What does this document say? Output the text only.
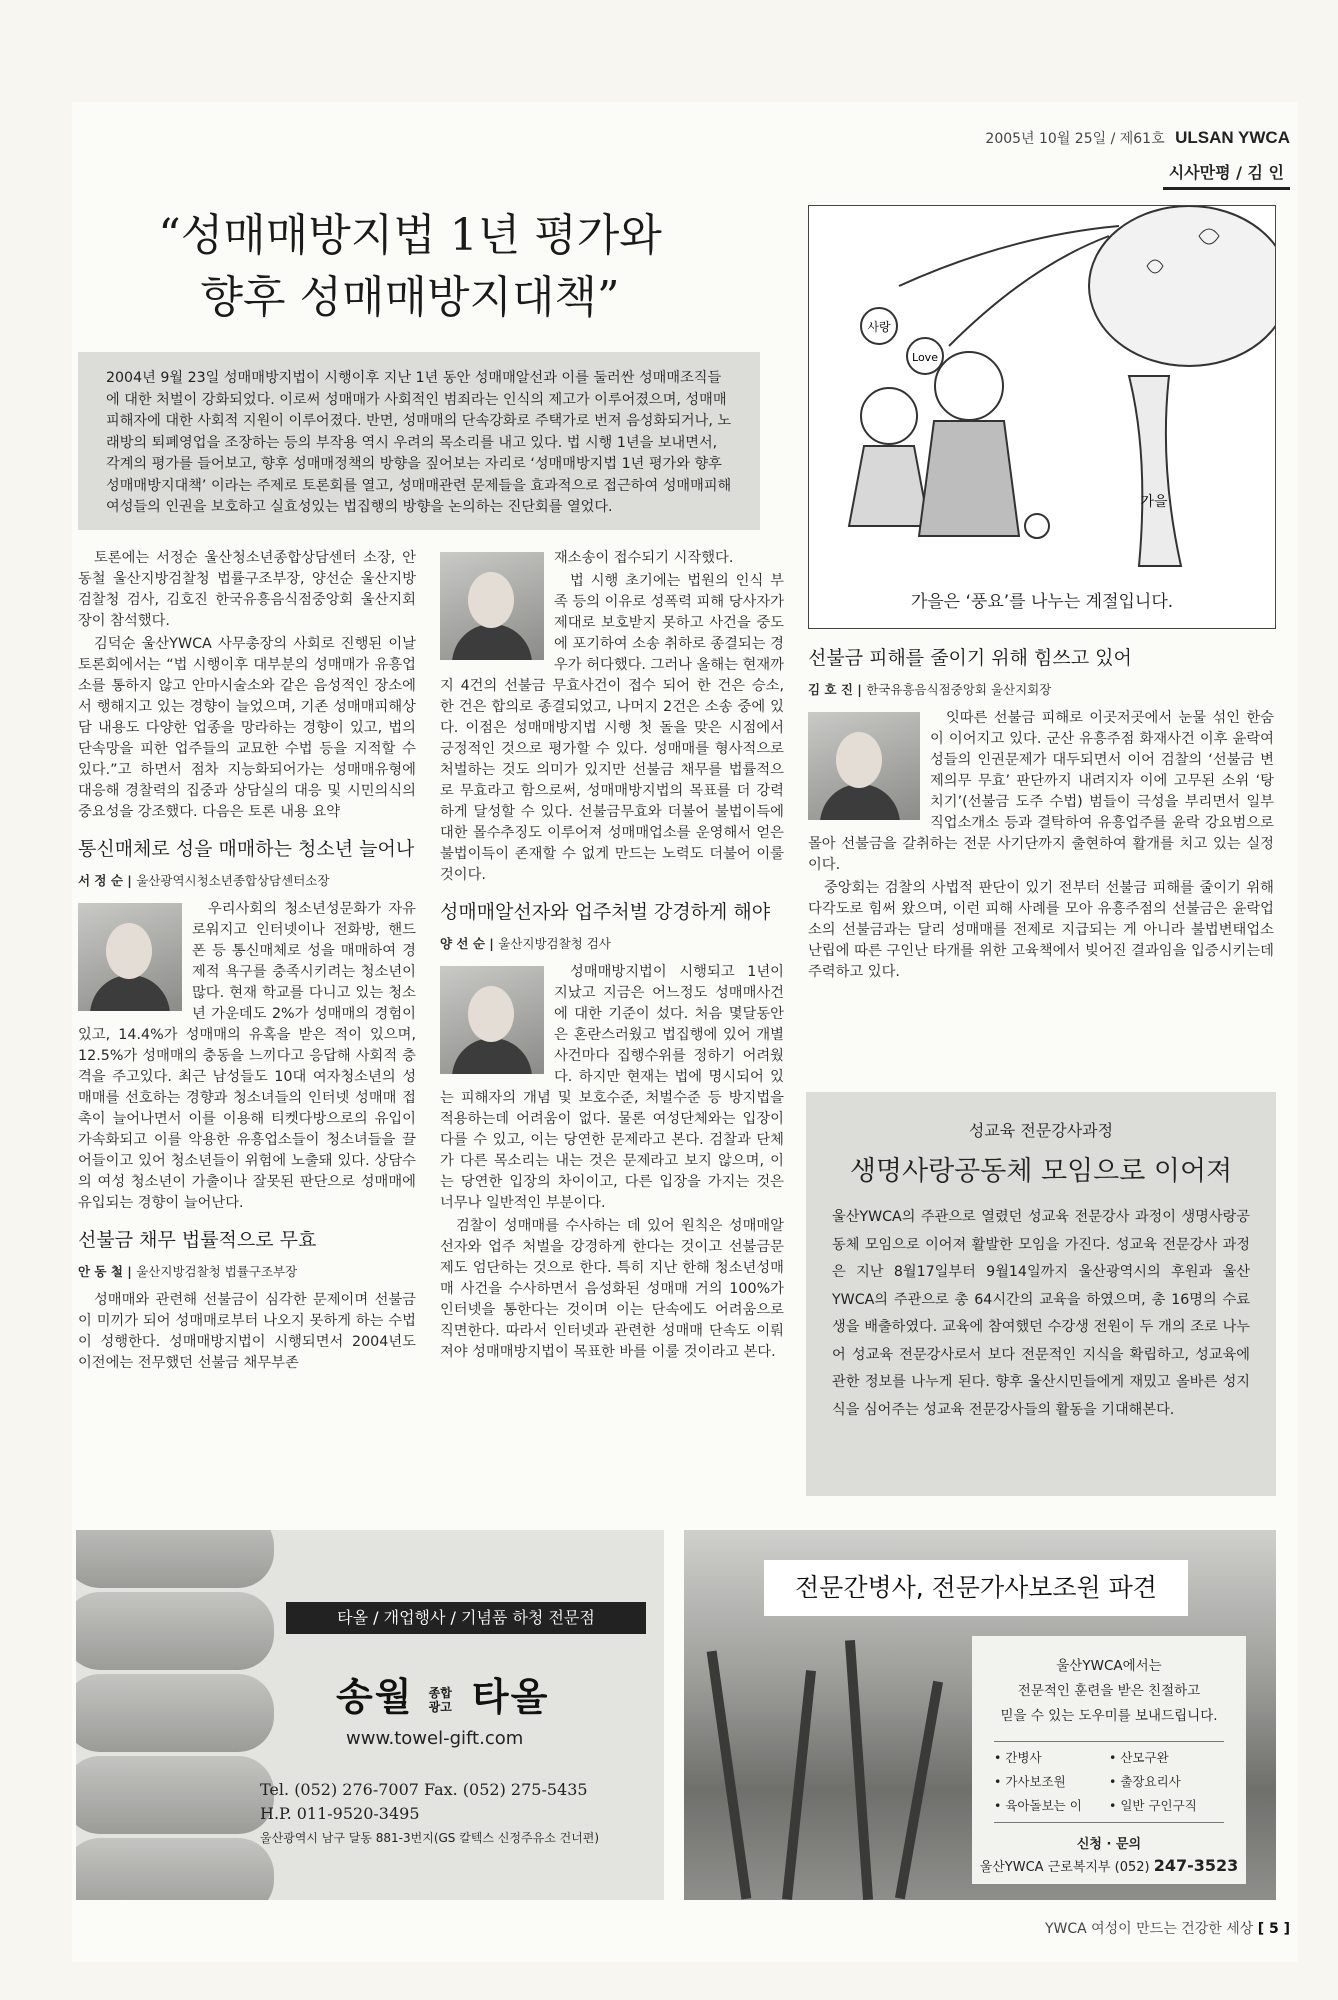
2005년 10월 25일 / 제61호 ULSAN YWCA
시사만평 / 김 인
“성매매방지법 1년 평가와
향후 성매매방지대책”
2004년 9월 23일 성매매방지법이 시행이후 지난 1년 동안 성매매알선과 이를 둘러싼 성매매조직들에 대한 처벌이 강화되었다. 이로써 성매매가 사회적인 범죄라는 인식의 제고가 이루어졌으며, 성매매피해자에 대한 사회적 지원이 이루어졌다. 반면, 성매매의 단속강화로 주택가로 번져 음성화되거나, 노래방의 퇴폐영업을 조장하는 등의 부작용 역시 우려의 목소리를 내고 있다. 법 시행 1년을 보내면서, 각계의 평가를 들어보고, 향후 성매매정책의 방향을 짚어보는 자리로 ‘성매매방지법 1년 평가와 향후 성매매방지대책’ 이라는 주제로 토론회를 열고, 성매매관련 문제들을 효과적으로 접근하여 성매매피해여성들의 인권을 보호하고 실효성있는 법집행의 방향을 논의하는 진단회를 열었다.

토론에는 서정순 울산청소년종합상담센터 소장, 안동철 울산지방검찰청 법률구조부장, 양선순 울산지방검찰청 검사, 김호진 한국유흥음식점중앙회 울산지회장이 참석했다.

김덕순 울산YWCA 사무총장의 사회로 진행된 이날 토론회에서는 “법 시행이후 대부분의 성매매가 유흥업소를 통하지 않고 안마시술소와 같은 음성적인 장소에서 행해지고 있는 경향이 늘었으며, 기존 성매매피해상담 내용도 다양한 업종을 망라하는 경향이 있고, 법의 단속망을 피한 업주들의 교묘한 수법 등을 지적할 수 있다.”고 하면서 점차 지능화되어가는 성매매유형에 대응해 경찰력의 집중과 상담실의 대응 및 시민의식의 중요성을 강조했다. 다음은 토론 내용 요약

통신매체로 성을 매매하는 청소년 늘어나
서 정 순 | 울산광역시청소년종합상담센터소장

우리사회의 청소년성문화가 자유로워지고 인터넷이나 전화방, 핸드폰 등 통신매체로 성을 매매하여 경제적 욕구를 충족시키려는 청소년이 많다. 현재 학교를 다니고 있는 청소년 가운데도 2%가 성매매의 경험이 있고, 14.4%가 성매매의 유혹을 받은 적이 있으며, 12.5%가 성매매의 충동을 느끼다고 응답해 사회적 충격을 주고있다. 최근 남성들도 10대 여자청소년의 성매매를 선호하는 경향과 청소녀들의 인터넷 성매매 접촉이 늘어나면서 이를 이용해 티켓다방으로의 유입이 가속화되고 이를 악용한 유흥업소들이 청소녀들을 끌어들이고 있어 청소년들이 위험에 노출돼 있다. 상담수의 여성 청소년이 가출이나 잘못된 판단으로 성매매에 유입되는 경향이 늘어난다.

선불금 채무 법률적으로 무효
안 동 철 | 울산지방검찰청 법률구조부장

성매매와 관련해 선불금이 심각한 문제이며 선불금이 미끼가 되어 성매매로부터 나오지 못하게 하는 수법이 성행한다. 성매매방지법이 시행되면서 2004년도 이전에는 전무했던 선불금 채무부존

재소송이 접수되기 시작했다.

법 시행 초기에는 법원의 인식 부족 등의 이유로 성폭력 피해 당사자가 제대로 보호받지 못하고 사건을 중도에 포기하여 소송 취하로 종결되는 경우가 허다했다. 그러나 올해는 현재까지 4건의 선불금 무효사건이 접수 되어 한 건은 승소, 한 건은 합의로 종결되었고, 나머지 2건은 소송 중에 있다. 이점은 성매매방지법 시행 첫 돌을 맞은 시점에서 긍정적인 것으로 평가할 수 있다. 성매매를 형사적으로 처벌하는 것도 의미가 있지만 선불금 채무를 법률적으로 무효라고 함으로써, 성매매방지법의 목표를 더 강력하게 달성할 수 있다. 선불금무효와 더불어 불법이득에 대한 몰수추징도 이루어져 성매매업소를 운영해서 얻은 불법이득이 존재할 수 없게 만드는 노력도 더불어 이룰 것이다.

성매매알선자와 업주처벌 강경하게 해야
양 선 순 | 울산지방검찰청 검사

성매매방지법이 시행되고 1년이 지났고 지금은 어느정도 성매매사건에 대한 기준이 섰다. 처음 몇달동안은 혼란스러웠고 법집행에 있어 개별사건마다 집행수위를 정하기 어려웠다. 하지만 현재는 법에 명시되어 있는 피해자의 개념 및 보호수준, 처벌수준 등 방지법을 적용하는데 어려움이 없다. 물론 여성단체와는 입장이 다를 수 있고, 이는 당연한 문제라고 본다. 검찰과 단체가 다른 목소리는 내는 것은 문제라고 보지 않으며, 이는 당연한 입장의 차이이고, 다른 입장을 가지는 것은 너무나 일반적인 부분이다.

검찰이 성매매를 수사하는 데 있어 원칙은 성매매알선자와 업주 처벌을 강경하게 한다는 것이고 선불금문제도 엄단하는 것으로 한다. 특히 지난 한해 청소년성매매 사건을 수사하면서 음성화된 성매매 거의 100%가 인터넷을 통한다는 것이며 이는 단속에도 어려움으로 직면한다. 따라서 인터넷과 관련한 성매매 단속도 이뤄져야 성매매방지법이 목표한 바를 이룰 것이라고 본다.

사랑
Love
가을
가을은 ‘풍요’를 나누는 계절입니다.
선불금 피해를 줄이기 위해 힘쓰고 있어
김 호 진 | 한국유흥음식점중앙회 울산지회장

잇따른 선불금 피해로 이곳저곳에서 눈물 섞인 한숨이 이어지고 있다. 군산 유흥주점 화재사건 이후 윤락여성들의 인권문제가 대두되면서 이어 검찰의 ‘선불금 변제의무 무효’ 판단까지 내려지자 이에 고무된 소위 ‘탕치기’(선불금 도주 수법) 범들이 극성을 부리면서 일부 직업소개소 등과 결탁하여 유흥업주를 윤락 강요범으로 몰아 선불금을 갈취하는 전문 사기단까지 출현하여 활개를 치고 있는 실정이다.

중앙회는 검찰의 사법적 판단이 있기 전부터 선불금 피해를 줄이기 위해 다각도로 힘써 왔으며, 이런 피해 사례를 모아 유흥주점의 선불금은 윤락업소의 선불금과는 달리 성매매를 전제로 지급되는 게 아니라 불법변태업소 난립에 따른 구인난 타개를 위한 고육책에서 빚어진 결과임을 입증시키는데 주력하고 있다.

성교육 전문강사과정
생명사랑공동체 모임으로 이어져
울산YWCA의 주관으로 열렸던 성교육 전문강사 과정이 생명사랑공동체 모임으로 이어져 활발한 모임을 가진다. 성교육 전문강사 과정은 지난 8월17일부터 9월14일까지 울산광역시의 후원과 울산YWCA의 주관으로 총 64시간의 교육을 하였으며, 총 16명의 수료생을 배출하였다. 교육에 참여했던 수강생 전원이 두 개의 조로 나누어 성교육 전문강사로서 보다 전문적인 지식을 확립하고, 성교육에 관한 정보를 나누게 된다. 향후 울산시민들에게 재밌고 올바른 성지식을 심어주는 성교육 전문강사들의 활동을 기대해본다.
타올 / 개업행사 / 기념품 하청 전문점
송월 종합광고 타올
www.towel-gift.com
Tel. (052) 276-7007 Fax. (052) 275-5435
H.P. 011-9520-3495
울산광역시 남구 달동 881-3번지(GS 칼텍스 신정주유소 건너편)
전문간병사, 전문가사보조원 파견
울산YWCA에서는
전문적인 훈련을 받은 친절하고
믿을 수 있는 도우미를 보내드립니다.
• 간병사	• 산모구완
• 가사보조원	• 출장요리사
• 육아돌보는 이	• 일반 구인구직
신청 · 문의
울산YWCA 근로복지부 (052) 247-3523
YWCA 여성이 만드는 건강한 세상 [ 5 ]
